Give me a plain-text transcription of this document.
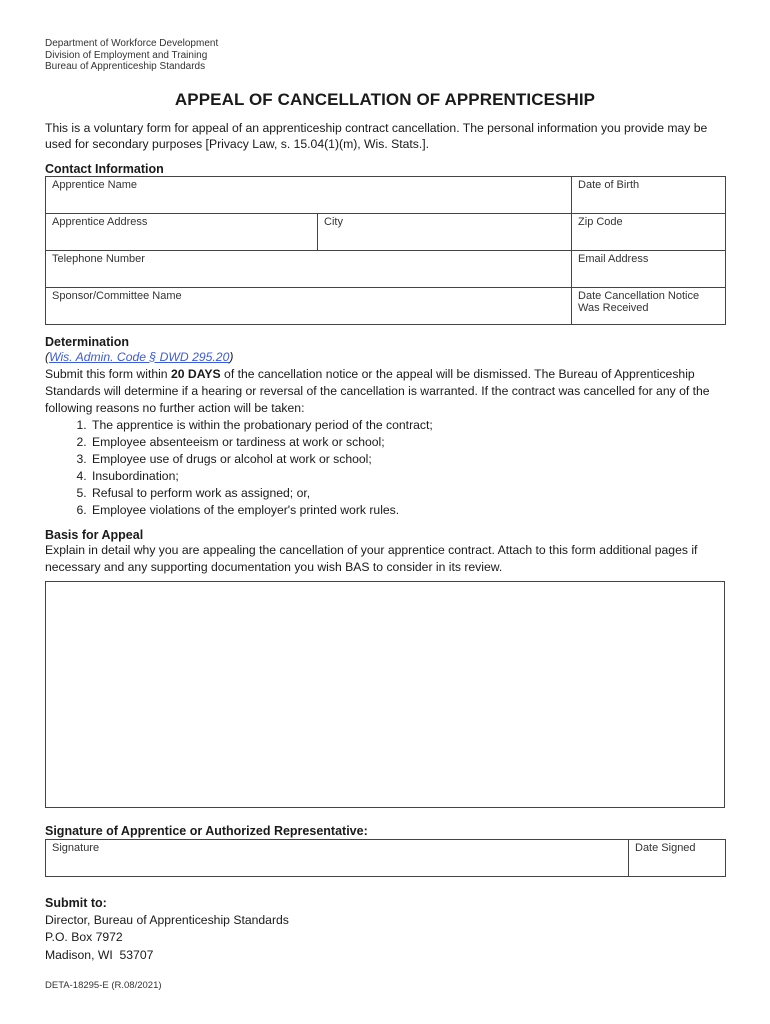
Department of Workforce Development
Division of Employment and Training
Bureau of Apprenticeship Standards
APPEAL OF CANCELLATION OF APPRENTICESHIP
This is a voluntary form for appeal of an apprenticeship contract cancellation. The personal information you provide may be used for secondary purposes [Privacy Law, s. 15.04(1)(m), Wis. Stats.].
Contact Information
Apprentice Name		Date of Birth
Apprentice Address	City	Zip Code
Telephone Number		Email Address
Sponsor/Committee Name		Date Cancellation Notice Was Received
Determination
(Wis. Admin. Code § DWD 295.20)
Submit this form within 20 DAYS of the cancellation notice or the appeal will be dismissed. The Bureau of Apprenticeship Standards will determine if a hearing or reversal of the cancellation is warranted. If the contract was cancelled for any of the following reasons no further action will be taken:
1. The apprentice is within the probationary period of the contract;
2. Employee absenteeism or tardiness at work or school;
3. Employee use of drugs or alcohol at work or school;
4. Insubordination;
5. Refusal to perform work as assigned; or,
6. Employee violations of the employer's printed work rules.
Basis for Appeal
Explain in detail why you are appealing the cancellation of your apprentice contract. Attach to this form additional pages if necessary and any supporting documentation you wish BAS to consider in its review.
Signature of Apprentice or Authorized Representative:
Signature	Date Signed
Submit to:
Director, Bureau of Apprenticeship Standards
P.O. Box 7972
Madison, WI  53707
DETA-18295-E (R.08/2021)
